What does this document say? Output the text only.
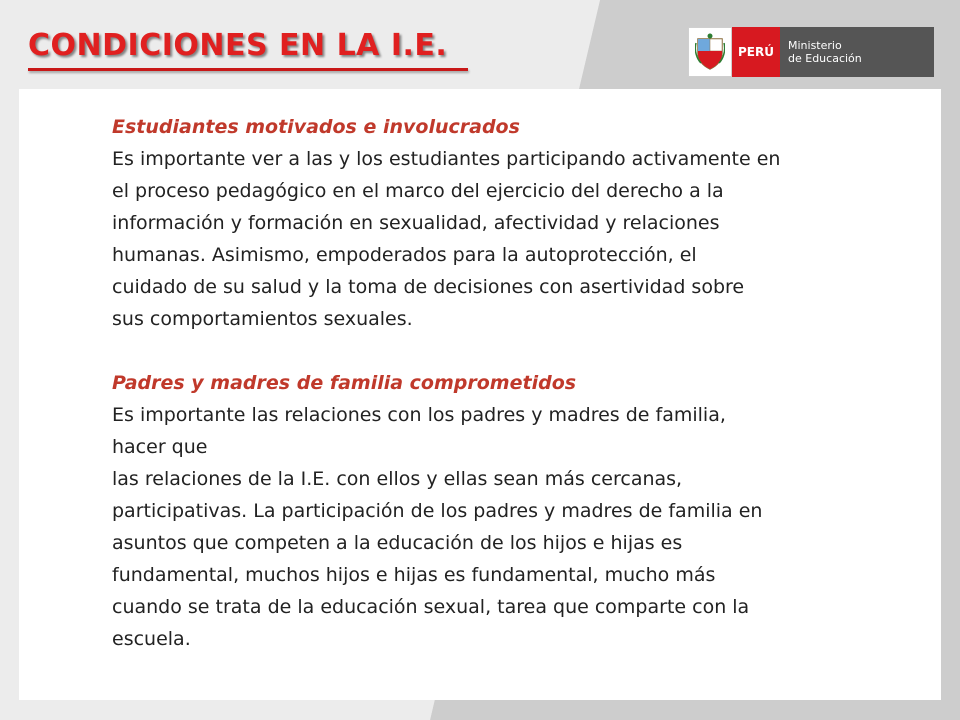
CONDICIONES EN LA I.E.	PERÚ	Ministerio
de Educación

Estudiantes motivados e involucrados

Es importante ver a las y los estudiantes participando activamente en

el proceso pedagógico en el marco del ejercicio del derecho a la

información y formación en sexualidad, afectividad y relaciones

humanas. Asimismo, empoderados para la autoprotección, el

cuidado de su salud y la toma de decisiones con asertividad sobre

sus comportamientos sexuales.

Padres y madres de familia comprometidos

Es importante las relaciones con los padres y madres de familia,

hacer que

las relaciones de la I.E. con ellos y ellas sean más cercanas,

participativas. La participación de los padres y madres de familia en

asuntos que competen a la educación de los hijos e hijas es

fundamental, muchos hijos e hijas es fundamental, mucho más

cuando se trata de la educación sexual, tarea que comparte con la

escuela.
